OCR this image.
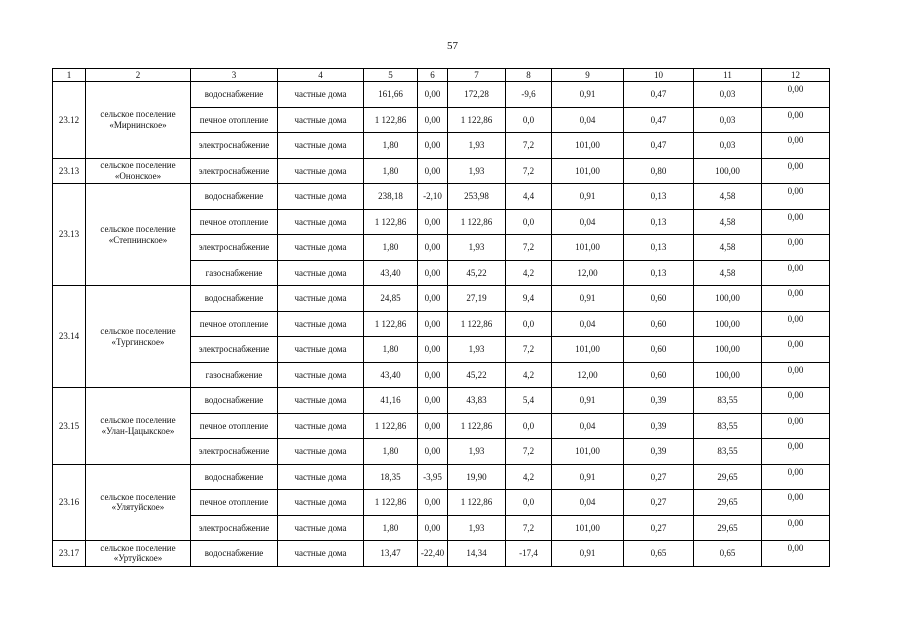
57
1	2	3	4	5	6	7	8	9	10	11	12
23.12	сельское поселение «Мирнинское»	водоснабжение	частные дома	161,66	0,00	172,28	-9,6	0,91	0,47	0,03	0,00
		печное отопление	частные дома	1 122,86	0,00	1 122,86	0,0	0,04	0,47	0,03	0,00
		электроснабжение	частные дома	1,80	0,00	1,93	7,2	101,00	0,47	0,03	0,00
23.13	сельское поселение «Ононское»	электроснабжение	частные дома	1,80	0,00	1,93	7,2	101,00	0,80	100,00	0,00
23.13	сельское поселение «Степнинское»	водоснабжение	частные дома	238,18	-2,10	253,98	4,4	0,91	0,13	4,58	0,00
		печное отопление	частные дома	1 122,86	0,00	1 122,86	0,0	0,04	0,13	4,58	0,00
		электроснабжение	частные дома	1,80	0,00	1,93	7,2	101,00	0,13	4,58	0,00
		газоснабжение	частные дома	43,40	0,00	45,22	4,2	12,00	0,13	4,58	0,00
23.14	сельское поселение «Тургинское»	водоснабжение	частные дома	24,85	0,00	27,19	9,4	0,91	0,60	100,00	0,00
		печное отопление	частные дома	1 122,86	0,00	1 122,86	0,0	0,04	0,60	100,00	0,00
		электроснабжение	частные дома	1,80	0,00	1,93	7,2	101,00	0,60	100,00	0,00
		газоснабжение	частные дома	43,40	0,00	45,22	4,2	12,00	0,60	100,00	0,00
23.15	сельское поселение «Улан-Цацыкское»	водоснабжение	частные дома	41,16	0,00	43,83	5,4	0,91	0,39	83,55	0,00
		печное отопление	частные дома	1 122,86	0,00	1 122,86	0,0	0,04	0,39	83,55	0,00
		электроснабжение	частные дома	1,80	0,00	1,93	7,2	101,00	0,39	83,55	0,00
23.16	сельское поселение «Улятуйское»	водоснабжение	частные дома	18,35	-3,95	19,90	4,2	0,91	0,27	29,65	0,00
		печное отопление	частные дома	1 122,86	0,00	1 122,86	0,0	0,04	0,27	29,65	0,00
		электроснабжение	частные дома	1,80	0,00	1,93	7,2	101,00	0,27	29,65	0,00
23.17	сельское поселение «Уртуйское»	водоснабжение	частные дома	13,47	-22,40	14,34	-17,4	0,91	0,65	0,65	0,00
